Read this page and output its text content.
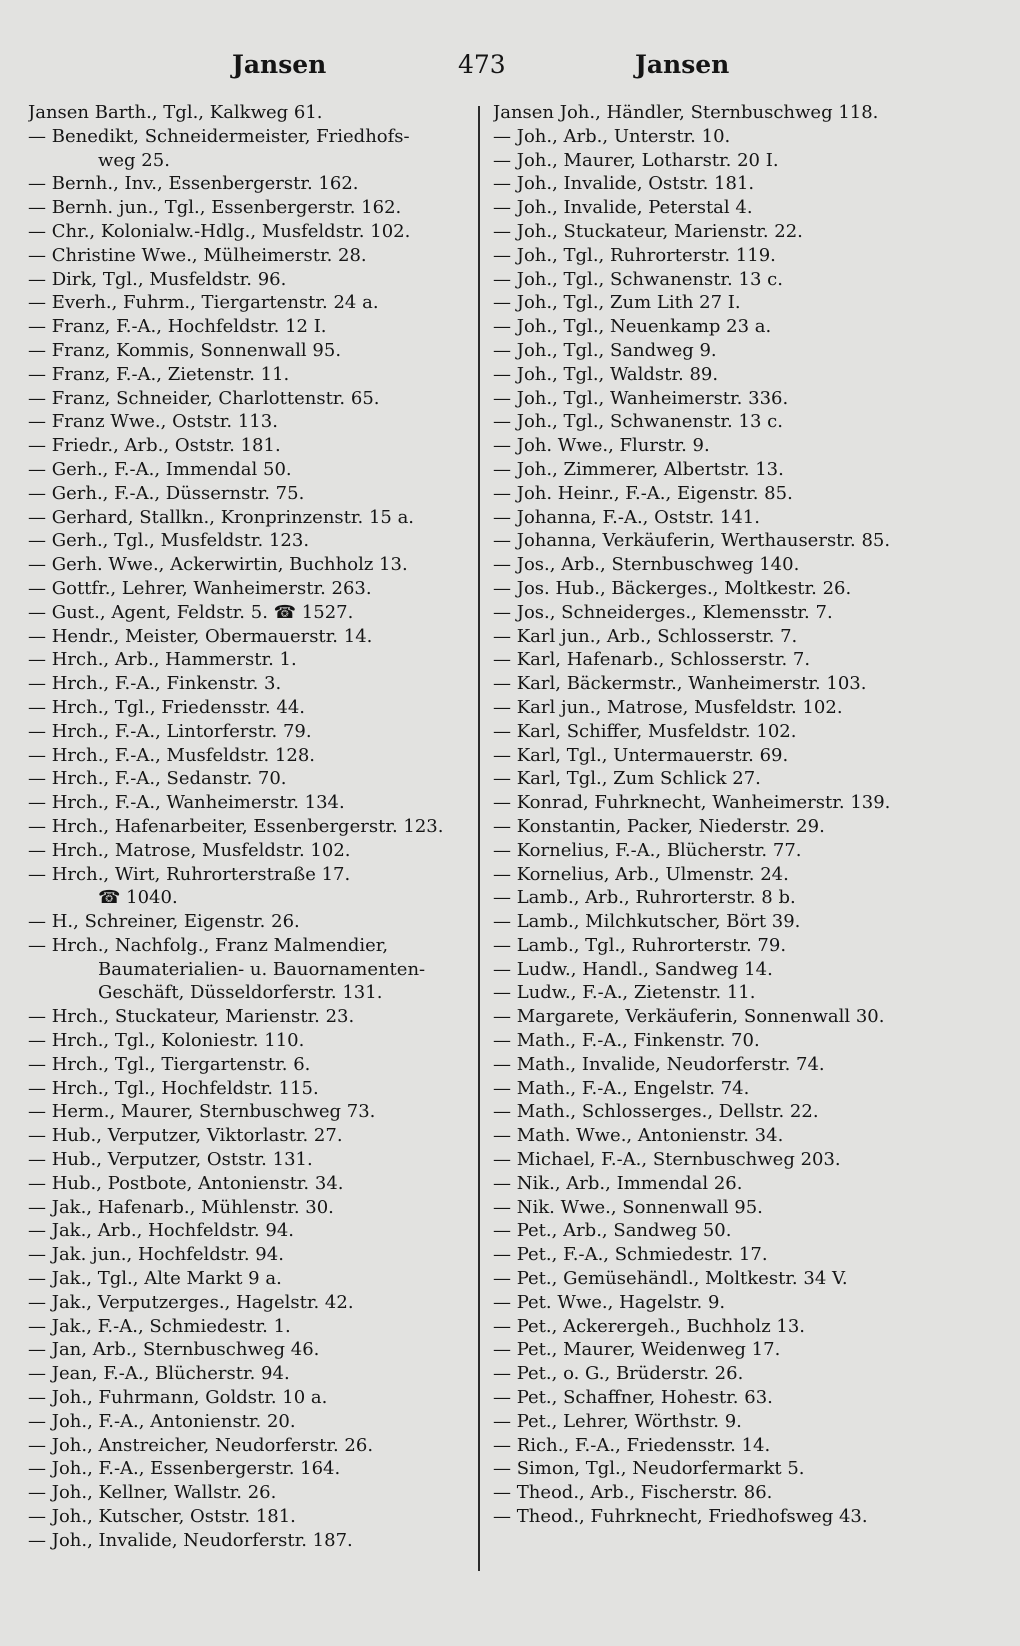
Jansen	473	Jansen
Jansen Barth., Tgl., Kalkweg 61.
— Benedikt, Schneidermeister, Friedhofs-
weg 25.
— Bernh., Inv., Essenbergerstr. 162.
— Bernh. jun., Tgl., Essenbergerstr. 162.
— Chr., Kolonialw.-Hdlg., Musfeldstr. 102.
— Christine Wwe., Mülheimerstr. 28.
— Dirk, Tgl., Musfeldstr. 96.
— Everh., Fuhrm., Tiergartenstr. 24 a.
— Franz, F.-A., Hochfeldstr. 12 I.
— Franz, Kommis, Sonnenwall 95.
— Franz, F.-A., Zietenstr. 11.
— Franz, Schneider, Charlottenstr. 65.
— Franz Wwe., Oststr. 113.
— Friedr., Arb., Oststr. 181.
— Gerh., F.-A., Immendal 50.
— Gerh., F.-A., Düssernstr. 75.
— Gerhard, Stallkn., Kronprinzenstr. 15 a.
— Gerh., Tgl., Musfeldstr. 123.
— Gerh. Wwe., Ackerwirtin, Buchholz 13.
— Gottfr., Lehrer, Wanheimerstr. 263.
— Gust., Agent, Feldstr. 5. ☎ 1527.
— Hendr., Meister, Obermauerstr. 14.
— Hrch., Arb., Hammerstr. 1.
— Hrch., F.-A., Finkenstr. 3.
— Hrch., Tgl., Friedensstr. 44.
— Hrch., F.-A., Lintorferstr. 79.
— Hrch., F.-A., Musfeldstr. 128.
— Hrch., F.-A., Sedanstr. 70.
— Hrch., F.-A., Wanheimerstr. 134.
— Hrch., Hafenarbeiter, Essenbergerstr. 123.
— Hrch., Matrose, Musfeldstr. 102.
— Hrch., Wirt, Ruhrorterstraße 17.
☎ 1040.
— H., Schreiner, Eigenstr. 26.
— Hrch., Nachfolg., Franz Malmendier,
Baumaterialien- u. Bauornamenten-
Geschäft, Düsseldorferstr. 131.
— Hrch., Stuckateur, Marienstr. 23.
— Hrch., Tgl., Koloniestr. 110.
— Hrch., Tgl., Tiergartenstr. 6.
— Hrch., Tgl., Hochfeldstr. 115.
— Herm., Maurer, Sternbuschweg 73.
— Hub., Verputzer, Viktorlastr. 27.
— Hub., Verputzer, Oststr. 131.
— Hub., Postbote, Antonienstr. 34.
— Jak., Hafenarb., Mühlenstr. 30.
— Jak., Arb., Hochfeldstr. 94.
— Jak. jun., Hochfeldstr. 94.
— Jak., Tgl., Alte Markt 9 a.
— Jak., Verputzerges., Hagelstr. 42.
— Jak., F.-A., Schmiedestr. 1.
— Jan, Arb., Sternbuschweg 46.
— Jean, F.-A., Blücherstr. 94.
— Joh., Fuhrmann, Goldstr. 10 a.
— Joh., F.-A., Antonienstr. 20.
— Joh., Anstreicher, Neudorferstr. 26.
— Joh., F.-A., Essenbergerstr. 164.
— Joh., Kellner, Wallstr. 26.
— Joh., Kutscher, Oststr. 181.
— Joh., Invalide, Neudorferstr. 187.
Jansen Joh., Händler, Sternbuschweg 118.
— Joh., Arb., Unterstr. 10.
— Joh., Maurer, Lotharstr. 20 I.
— Joh., Invalide, Oststr. 181.
— Joh., Invalide, Peterstal 4.
— Joh., Stuckateur, Marienstr. 22.
— Joh., Tgl., Ruhrorterstr. 119.
— Joh., Tgl., Schwanenstr. 13 c.
— Joh., Tgl., Zum Lith 27 I.
— Joh., Tgl., Neuenkamp 23 a.
— Joh., Tgl., Sandweg 9.
— Joh., Tgl., Waldstr. 89.
— Joh., Tgl., Wanheimerstr. 336.
— Joh., Tgl., Schwanenstr. 13 c.
— Joh. Wwe., Flurstr. 9.
— Joh., Zimmerer, Albertstr. 13.
— Joh. Heinr., F.-A., Eigenstr. 85.
— Johanna, F.-A., Oststr. 141.
— Johanna, Verkäuferin, Werthauserstr. 85.
— Jos., Arb., Sternbuschweg 140.
— Jos. Hub., Bäckerges., Moltkestr. 26.
— Jos., Schneiderges., Klemensstr. 7.
— Karl jun., Arb., Schlosserstr. 7.
— Karl, Hafenarb., Schlosserstr. 7.
— Karl, Bäckermstr., Wanheimerstr. 103.
— Karl jun., Matrose, Musfeldstr. 102.
— Karl, Schiffer, Musfeldstr. 102.
— Karl, Tgl., Untermauerstr. 69.
— Karl, Tgl., Zum Schlick 27.
— Konrad, Fuhrknecht, Wanheimerstr. 139.
— Konstantin, Packer, Niederstr. 29.
— Kornelius, F.-A., Blücherstr. 77.
— Kornelius, Arb., Ulmenstr. 24.
— Lamb., Arb., Ruhrorterstr. 8 b.
— Lamb., Milchkutscher, Bört 39.
— Lamb., Tgl., Ruhrorterstr. 79.
— Ludw., Handl., Sandweg 14.
— Ludw., F.-A., Zietenstr. 11.
— Margarete, Verkäuferin, Sonnenwall 30.
— Math., F.-A., Finkenstr. 70.
— Math., Invalide, Neudorferstr. 74.
— Math., F.-A., Engelstr. 74.
— Math., Schlosserges., Dellstr. 22.
— Math. Wwe., Antonienstr. 34.
— Michael, F.-A., Sternbuschweg 203.
— Nik., Arb., Immendal 26.
— Nik. Wwe., Sonnenwall 95.
— Pet., Arb., Sandweg 50.
— Pet., F.-A., Schmiedestr. 17.
— Pet., Gemüsehändl., Moltkestr. 34 V.
— Pet. Wwe., Hagelstr. 9.
— Pet., Ackerergeh., Buchholz 13.
— Pet., Maurer, Weidenweg 17.
— Pet., o. G., Brüderstr. 26.
— Pet., Schaffner, Hohestr. 63.
— Pet., Lehrer, Wörthstr. 9.
— Rich., F.-A., Friedensstr. 14.
— Simon, Tgl., Neudorfermarkt 5.
— Theod., Arb., Fischerstr. 86.
— Theod., Fuhrknecht, Friedhofsweg 43.
